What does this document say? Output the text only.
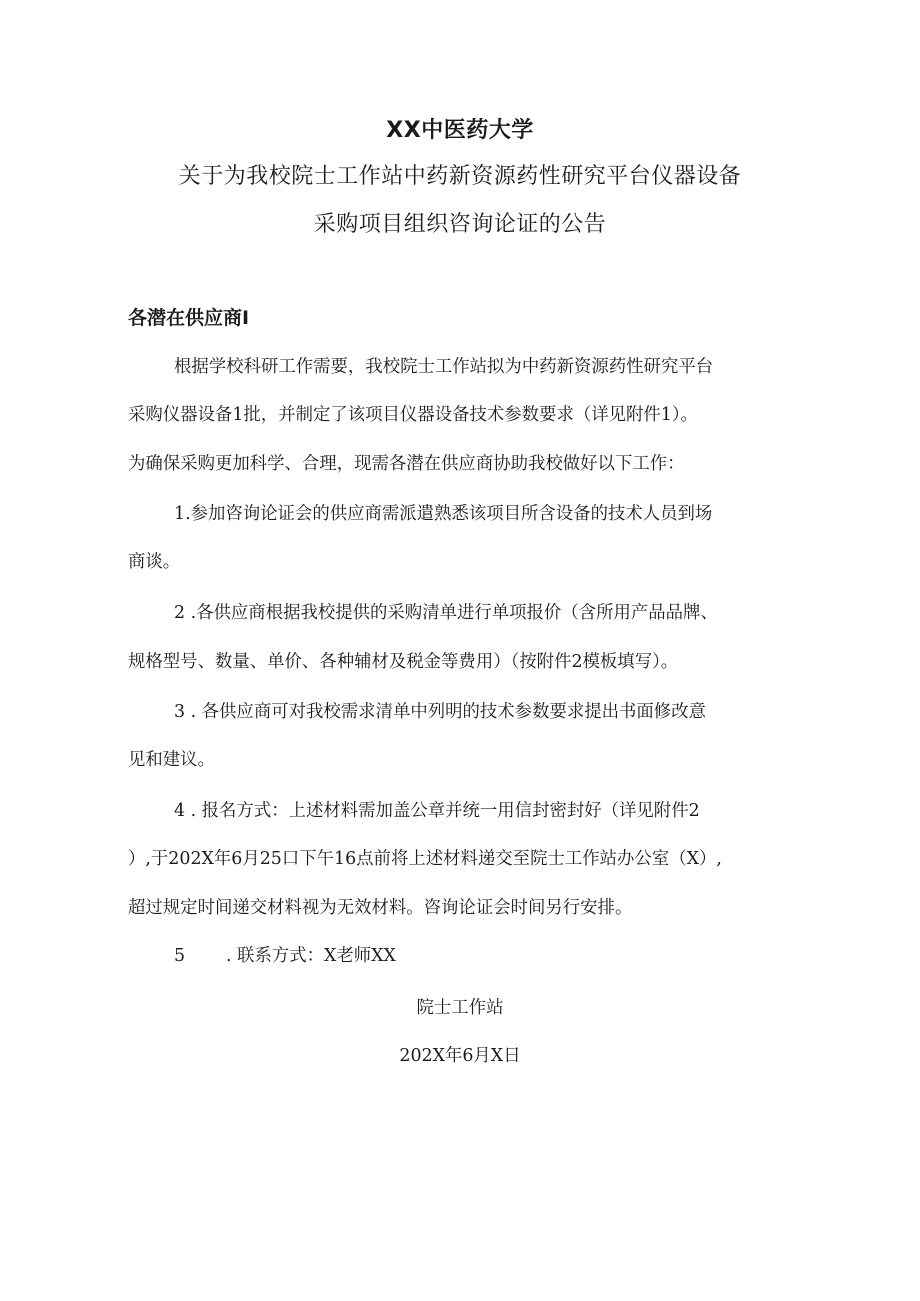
XX中医药大学
关于为我校院士工作站中药新资源药性研究平台仪器设备
采购项目组织咨询论证的公告
各潜在供应商I
根据学校科研工作需要，我校院士工作站拟为中药新资源药性研究平台
采购仪器设备1批，并制定了该项目仪器设备技术参数要求（详见附件1）。
为确保采购更加科学、合理，现需各潜在供应商协助我校做好以下工作：
1.参加咨询论证会的供应商需派遣熟悉该项目所含设备的技术人员到场
商谈。
2 .各供应商根据我校提供的采购清单进行单项报价（含所用产品品牌、
规格型号、数量、单价、各种辅材及税金等费用）（按附件2模板填写）。
3 . 各供应商可对我校需求清单中列明的技术参数要求提出书面修改意
见和建议。
4 . 报名方式：上述材料需加盖公章并统一用信封密封好（详见附件2
）,于202X年6月25口下午16点前将上述材料递交至院士工作站办公室（X）,
超过规定时间递交材料视为无效材料。咨询论证会时间另行安排。
5	. 联系方式：X老师XX
院士工作站
202X年6月X日
